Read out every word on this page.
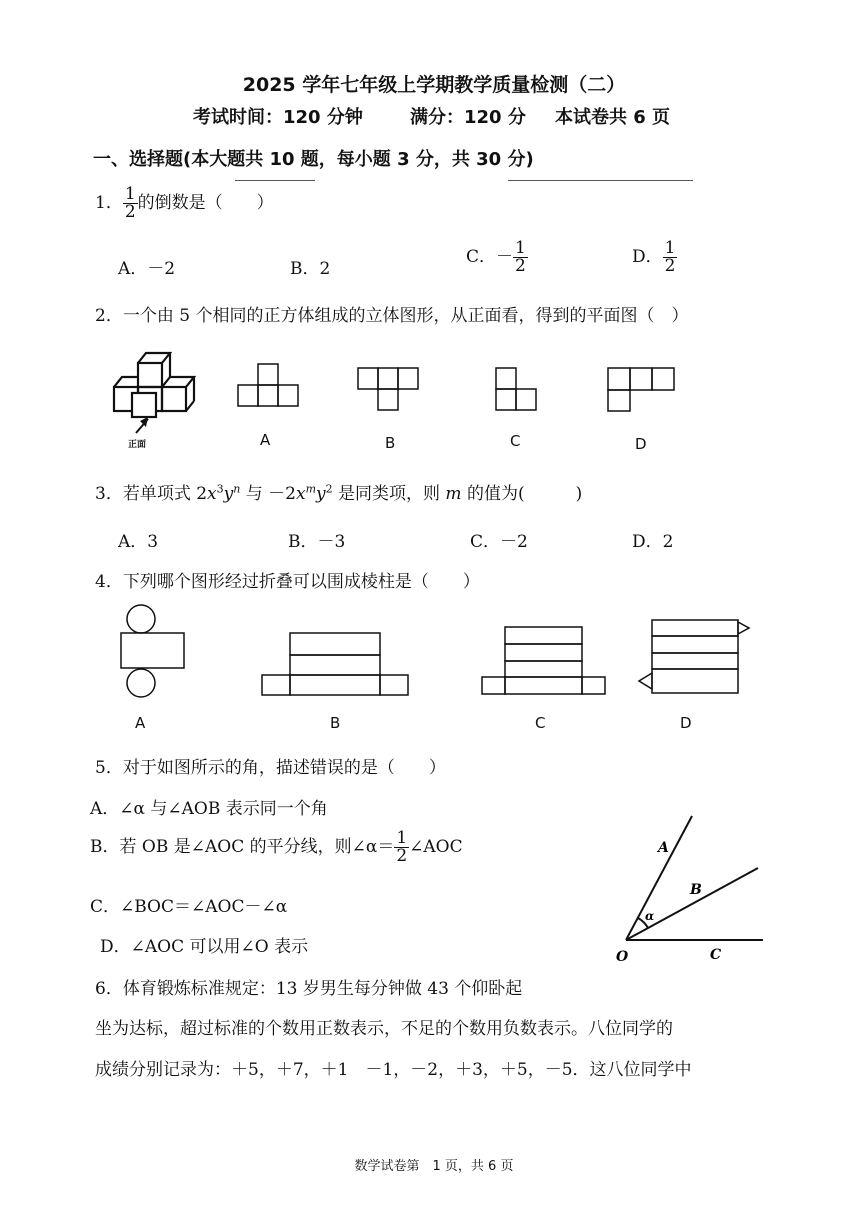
2025 学年七年级上学期教学质量检测（二）
考试时间：120 分钟	满分：120 分 本试卷共 6 页
一、选择题(本大题共 10 题，每小题 3 分，共 30 分)
1． $\frac{1}{2}$ 的倒数是（　　）
A．－2	B．2
C．－ $\frac{1}{2}$	D． $\frac{1}{2}$
2．一个由 5 个相同的正方体组成的立体图形，从正面看，得到的平面图（　）
正面	A	B	C	D
3．若单项式 $2x^3y^n$ 与 $-2x^my^2$ 是同类项，则 m 的值为(　　　)
A．3	B．－3	C．－2	D．2
4．下列哪个图形经过折叠可以围成棱柱是（　　）
A	B	C	D
5．对于如图所示的角，描述错误的是（　　）
A．∠α 与∠AOB 表示同一个角
B．若 OB 是∠AOC 的平分线，则∠α＝ $\frac{1}{2}$ ∠AOC
C．∠BOC＝∠AOC－∠α
D．∠AOC 可以用∠O 表示
A
B
C
O
α
6．体育锻炼标准规定：13 岁男生每分钟做 43 个仰卧起
坐为达标，超过标准的个数用正数表示，不足的个数用负数表示。八位同学的
成绩分别记录为：＋5，＋7，＋1　－1，－2，＋3，＋5，－5．这八位同学中
数学试卷第　1 页，共 6 页
